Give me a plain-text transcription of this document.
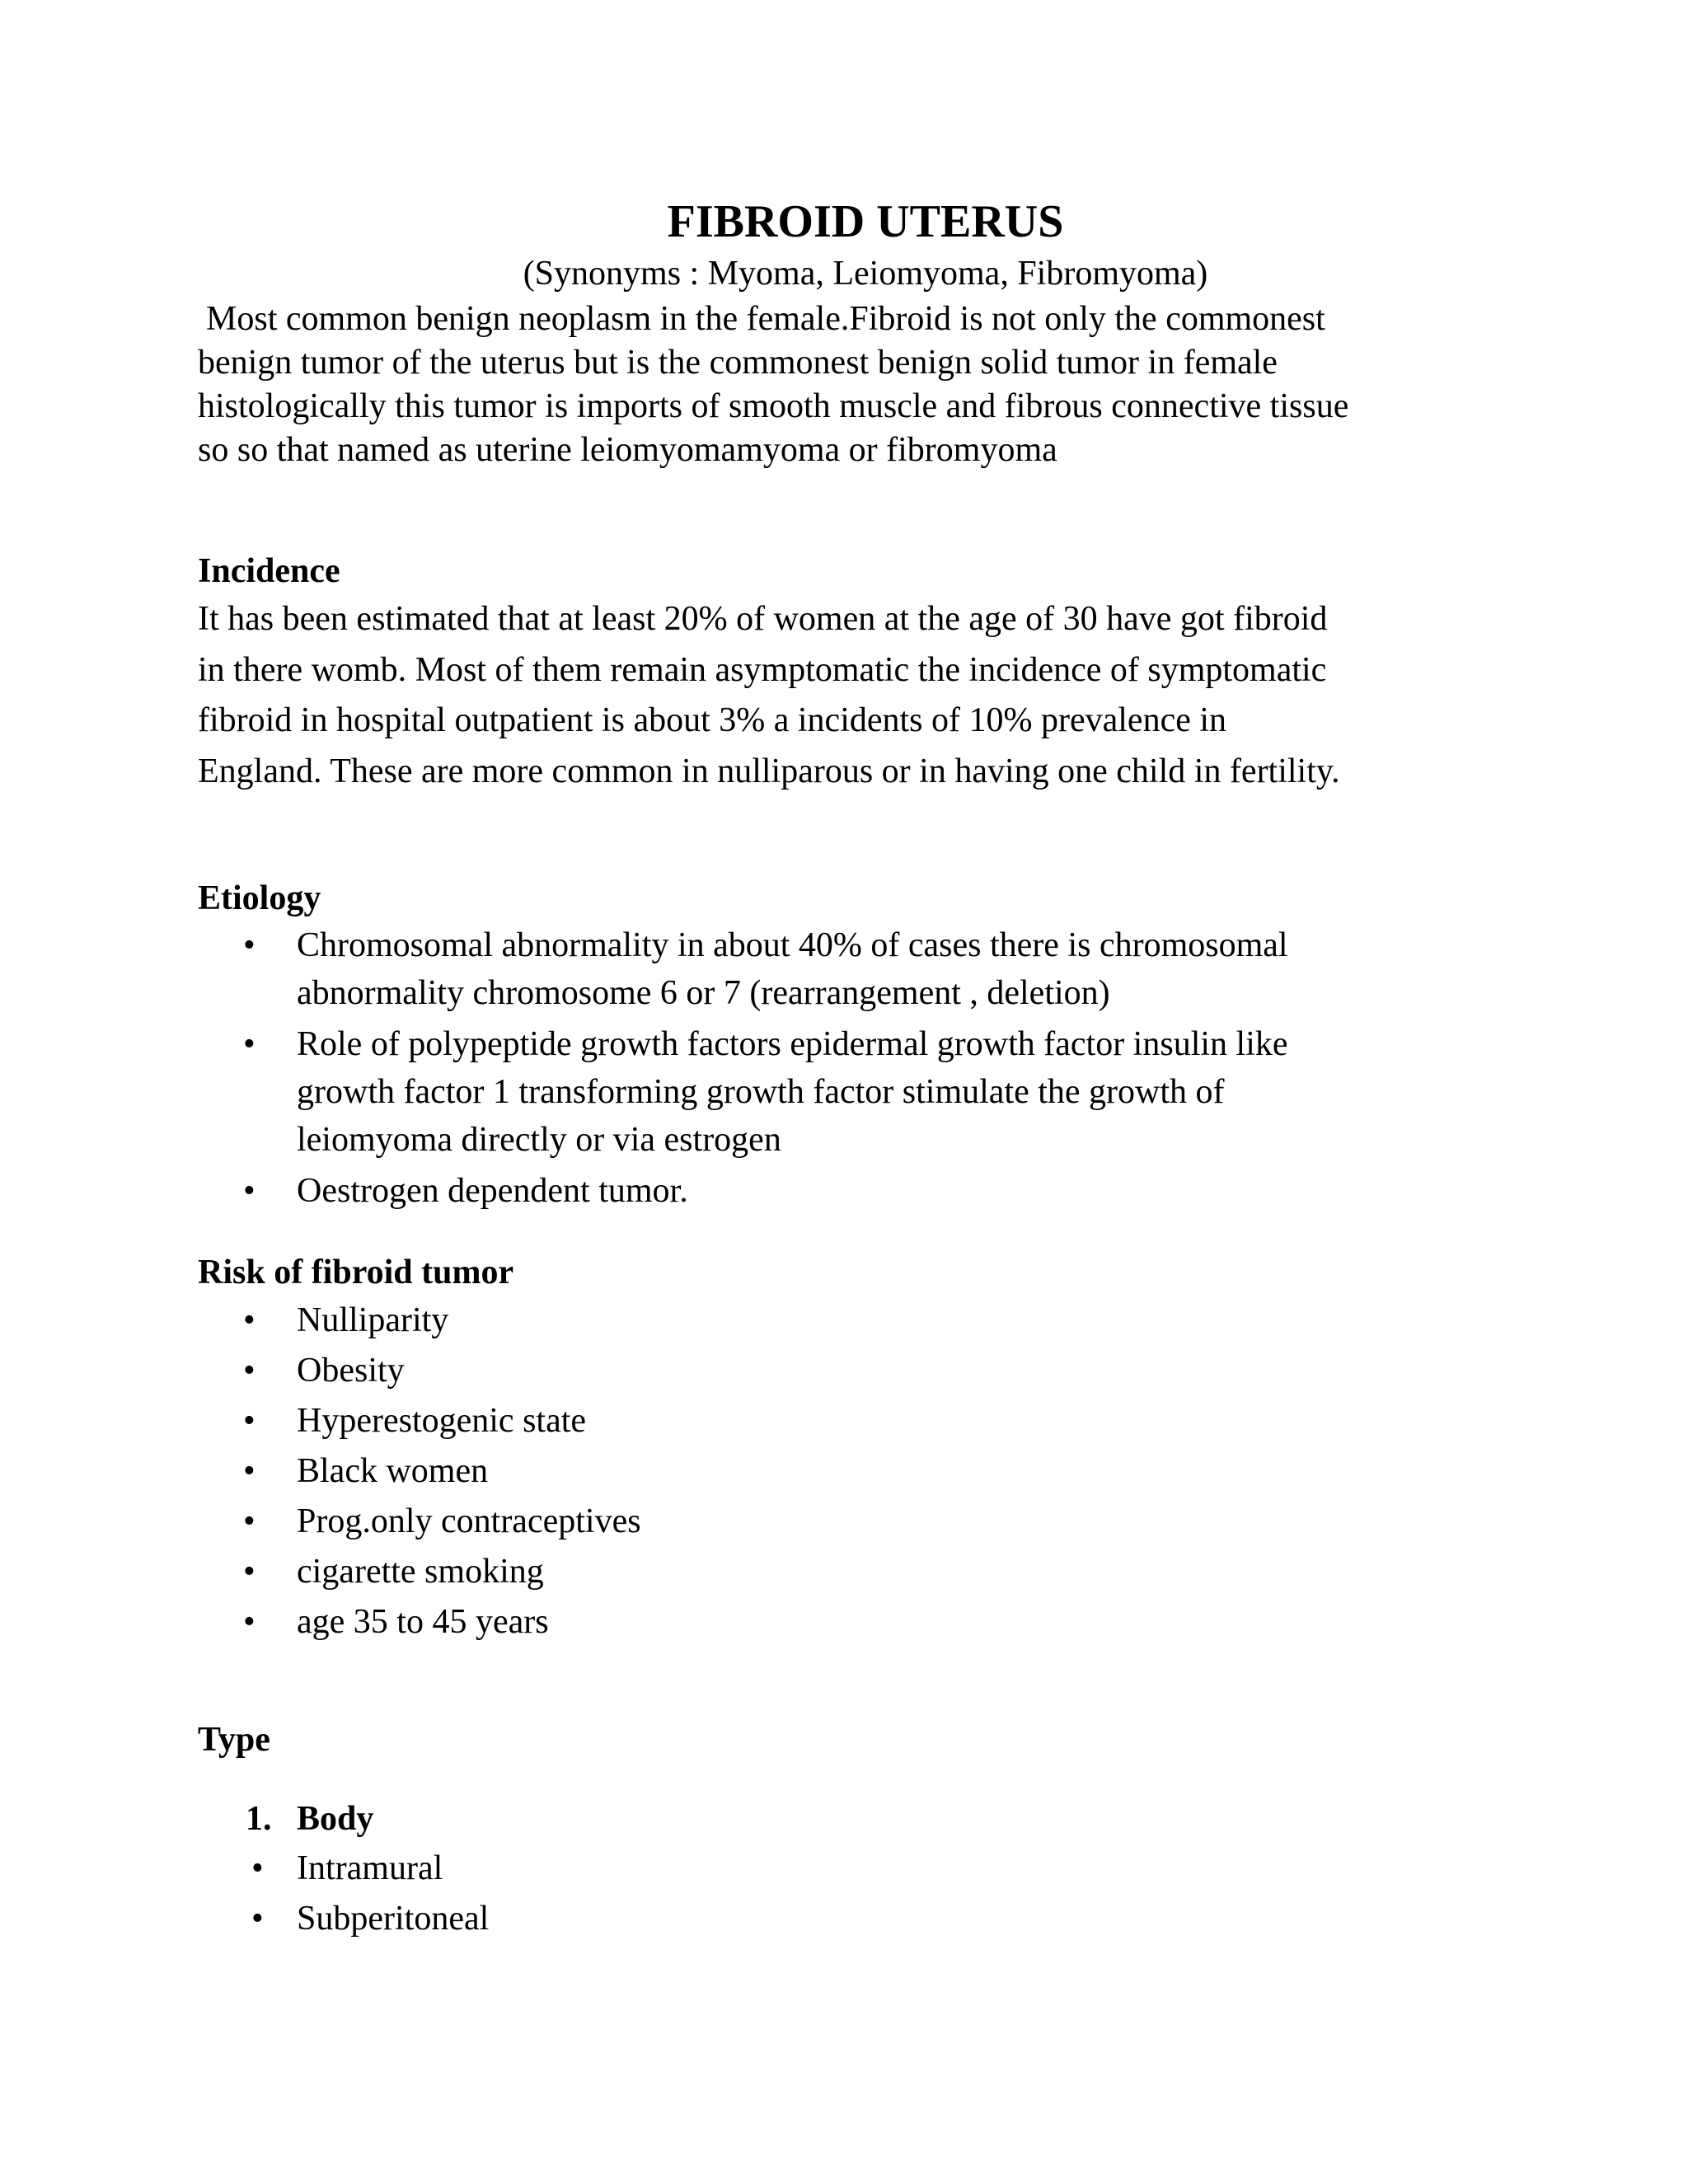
FIBROID UTERUS

(Synonyms : Myoma, Leiomyoma, Fibromyoma)

Most common benign neoplasm in the female.Fibroid is not only the commonest
benign tumor of the uterus but is the commonest benign solid tumor in female
histologically this tumor is imports of smooth muscle and fibrous connective tissue
so so that named as uterine leiomyomamyoma or fibromyoma

Incidence

It has been estimated that at least 20% of women at the age of 30 have got fibroid
in there womb. Most of them remain asymptomatic the incidence of symptomatic
fibroid in hospital outpatient is about 3% a incidents of 10% prevalence in
England. These are more common in nulliparous or in having one child in fertility.

Etiology
• Chromosomal abnormality in about 40% of cases there is chromosomal
abnormality chromosome 6 or 7 (rearrangement , deletion)
• Role of polypeptide growth factors epidermal growth factor insulin like
growth factor 1 transforming growth factor stimulate the growth of
leiomyoma directly or via estrogen
• Oestrogen dependent tumor.
Risk of fibroid tumor
• Nulliparity
• Obesity
• Hyperestogenic state
• Black women
• Prog.only contraceptives
• cigarette smoking
• age 35 to 45 years
Type
1. Body
• Intramural
• Subperitoneal
